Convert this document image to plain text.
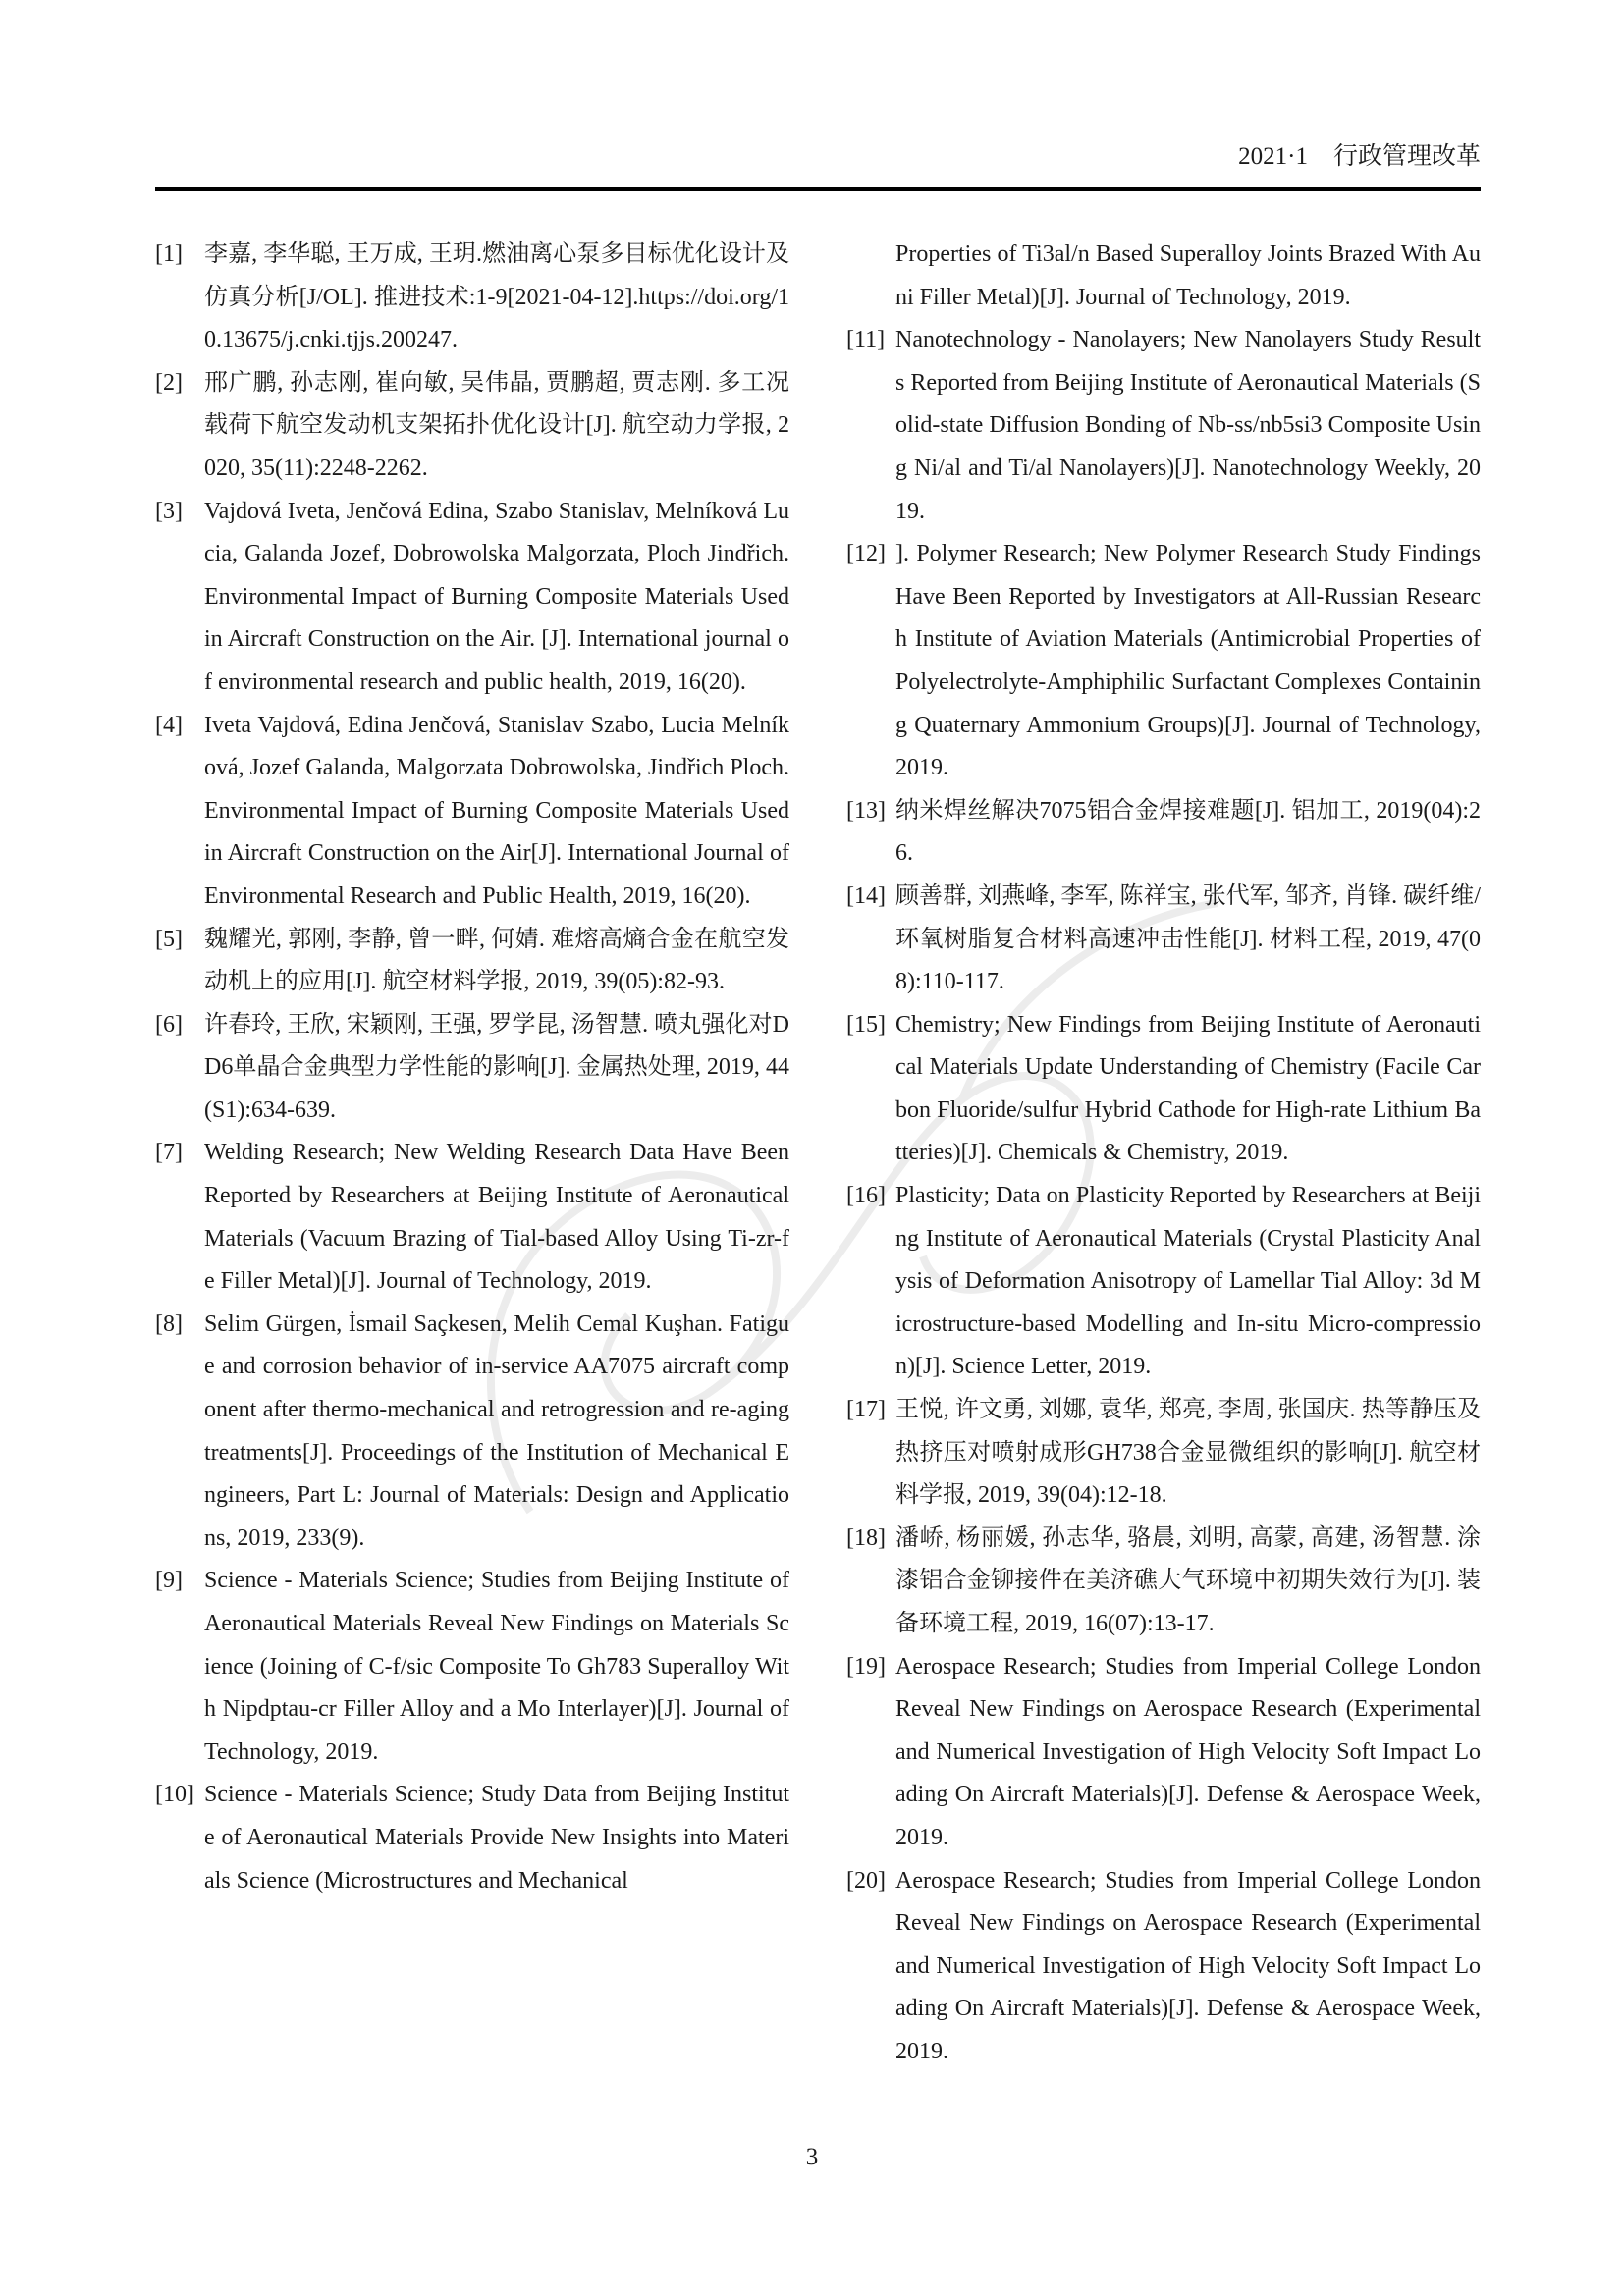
2021·1 行政管理改革
[1] 李嘉, 李华聪, 王万成, 王玥.燃油离心泵多目标优化设计及仿真分析[J/OL]. 推进技术:1-9[2021-04-12].https://doi.org/10.13675/j.cnki.tjjs.200247.
[2] 邢广鹏, 孙志刚, 崔向敏, 吴伟晶, 贾鹏超, 贾志刚. 多工况载荷下航空发动机支架拓扑优化设计[J]. 航空动力学报, 2020, 35(11):2248-2262.
[3] Vajdová Iveta, Jenčová Edina, Szabo Stanislav, Melníková Lucia, Galanda Jozef, Dobrowolska Malgorzata, Ploch Jindřich. Environmental Impact of Burning Composite Materials Used in Aircraft Construction on the Air. [J]. International journal of environmental research and public health, 2019, 16(20).
[4] Iveta Vajdová, Edina Jenčová, Stanislav Szabo, Lucia Melníková, Jozef Galanda, Malgorzata Dobrowolska, Jindřich Ploch. Environmental Impact of Burning Composite Materials Used in Aircraft Construction on the Air[J]. International Journal of Environmental Research and Public Health, 2019, 16(20).
[5] 魏耀光, 郭刚, 李静, 曾一畔, 何婧. 难熔高熵合金在航空发动机上的应用[J]. 航空材料学报, 2019, 39(05):82-93.
[6] 许春玲, 王欣, 宋颖刚, 王强, 罗学昆, 汤智慧. 喷丸强化对DD6单晶合金典型力学性能的影响[J]. 金属热处理, 2019, 44(S1):634-639.
[7] Welding Research; New Welding Research Data Have Been Reported by Researchers at Beijing Institute of Aeronautical Materials (Vacuum Brazing of Tial-based Alloy Using Ti-zr-fe Filler Metal)[J]. Journal of Technology, 2019.
[8] Selim Gürgen, İsmail Saçkesen, Melih Cemal Kuşhan. Fatigue and corrosion behavior of in-service AA7075 aircraft component after thermo-mechanical and retrogression and re-aging treatments[J]. Proceedings of the Institution of Mechanical Engineers, Part L: Journal of Materials: Design and Applications, 2019, 233(9).
[9] Science - Materials Science; Studies from Beijing Institute of Aeronautical Materials Reveal New Findings on Materials Science (Joining of C-f/sic Composite To Gh783 Superalloy With Nipdptau-cr Filler Alloy and a Mo Interlayer)[J]. Journal of Technology, 2019.
[10] Science - Materials Science; Study Data from Beijing Institute of Aeronautical Materials Provide New Insights into Materials Science (Microstructures and Mechanical
Properties of Ti3al/n Based Superalloy Joints Brazed With Auni Filler Metal)[J]. Journal of Technology, 2019.
[11] Nanotechnology - Nanolayers; New Nanolayers Study Results Reported from Beijing Institute of Aeronautical Materials (Solid-state Diffusion Bonding of Nb-ss/nb5si3 Composite Using Ni/al and Ti/al Nanolayers)[J]. Nanotechnology Weekly, 2019.
[12] ]. Polymer Research; New Polymer Research Study Findings Have Been Reported by Investigators at All-Russian Research Institute of Aviation Materials (Antimicrobial Properties of Polyelectrolyte-Amphiphilic Surfactant Complexes Containing Quaternary Ammonium Groups)[J]. Journal of Technology, 2019.
[13] 纳米焊丝解决7075铝合金焊接难题[J]. 铝加工, 2019(04):26.
[14] 顾善群, 刘燕峰, 李军, 陈祥宝, 张代军, 邹齐, 肖锋. 碳纤维/环氧树脂复合材料高速冲击性能[J]. 材料工程, 2019, 47(08):110-117.
[15] Chemistry; New Findings from Beijing Institute of Aeronautical Materials Update Understanding of Chemistry (Facile Carbon Fluoride/sulfur Hybrid Cathode for High-rate Lithium Batteries)[J]. Chemicals & Chemistry, 2019.
[16] Plasticity; Data on Plasticity Reported by Researchers at Beijing Institute of Aeronautical Materials (Crystal Plasticity Analysis of Deformation Anisotropy of Lamellar Tial Alloy: 3d Microstructure-based Modelling and In-situ Micro-compression)[J]. Science Letter, 2019.
[17] 王悦, 许文勇, 刘娜, 袁华, 郑亮, 李周, 张国庆. 热等静压及热挤压对喷射成形GH738合金显微组织的影响[J]. 航空材料学报, 2019, 39(04):12-18.
[18] 潘峤, 杨丽媛, 孙志华, 骆晨, 刘明, 高蒙, 高建, 汤智慧. 涂漆铝合金铆接件在美济礁大气环境中初期失效行为[J]. 装备环境工程, 2019, 16(07):13-17.
[19] Aerospace Research; Studies from Imperial College London Reveal New Findings on Aerospace Research (Experimental and Numerical Investigation of High Velocity Soft Impact Loading On Aircraft Materials)[J]. Defense & Aerospace Week, 2019.
[20] Aerospace Research; Studies from Imperial College London Reveal New Findings on Aerospace Research (Experimental and Numerical Investigation of High Velocity Soft Impact Loading On Aircraft Materials)[J]. Defense & Aerospace Week, 2019.
3
